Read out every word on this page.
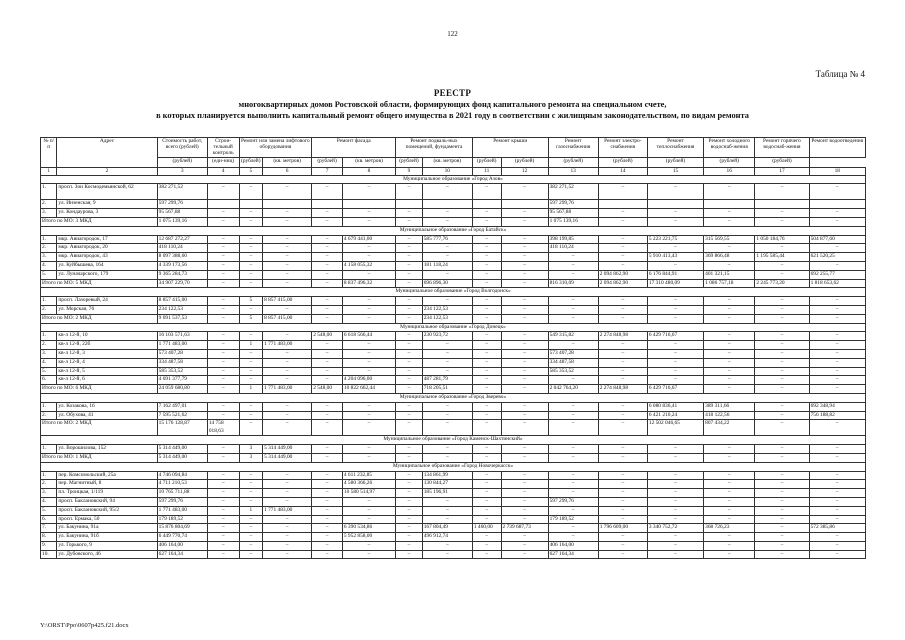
122
Таблица № 4
РЕЕСТР
многоквартирных домов Ростовской области, формирующих фонд капитального ремонта на специальном счете,
в которых планируется выполнить капитальный ремонт общего имущества в 2021 году в соответствии с жилищным законодательством, по видам ремонта
№ п/п	Адрес	Стоимость работ, всего (рублей)	Строи-тельный контроль	Ремонт или замена лифтового оборудования		Ремонт фасада		Ремонт подваль-ных помещений, фундамента		Ремонт крыши		Ремонт газоснабжения	Ремонт электро-снабжения	Ремонт теплоснабжения	Ремонт холодного водоснаб-жения	Ремонт горячего водоснаб-жения	Ремонт водоотведения
		(рублей)	(еди-ниц)	(рублей)	(кв. метров)	(рублей)	(кв. метров)	(рублей)	(кв. метров)	(рублей)	(рублей)	(рублей)	(рублей)	(рублей)	(рублей)	(рублей)	
1	2	3	4	5	6	7	8	9	10	11	12	13	14	15	16	17	18
Муниципальное образование «Город Азов»																	
1.	просп. Зои Космодемьянской, 62	382 271,52	–	–	–	–	–	–	–	–	–	382 271,52	–	–	–	–	–
2.	ул. Инзенская, 9	597 299,76										597 299,76					
3.	ул. Кондаурова, 3	95 567,88	–	–	–	–	–	–	–	–	–	95 567,88	–	–	–	–	–
Итого по МО: 3 МКД		1 075 139,16	–	–	–	–	–	–	–	–	–	1 075 139,16	–	–	–	–	–
Муниципальное образование «Город Батайск»																	
1.	мкр. Авиагородок, 17	12 687 272,27	–	–	–	–	4 679 441,00	–	585 777,76	–	–	398 199,85	–	5 223 221,75	315 569,55	1 050 184,76	504 877,60
2.	мкр. Авиагородок, 20	418 110,24	–	–	–	–	–	–	–	–	–	418 110,24	–	–	–	–	–
3.	мкр. Авиагородок, 43	8 097 388,60	–	–	–	–	–	–	–	–	–	–	–	5 910 413,43	369 866,48	1 195 585,44	621 520,25
4.	ул. Куйбышева, 164	4 339 173,56	–	–	–	–	4 158 055,32	–	181 118,24	–	–	–	–	–	–	–	–
5.	ул. Луначарского, 179	9 365 284,73	–	–	–	–	–	–	–	–	–	–	2 094 862,90	6 176 844,91	401 321,15	–	692 255,77
Итого по МО: 5 МКД		34 907 229,70	–	–	–	–	8 837 496,32	–	696 896,30	–	–	816 310,09	2 094 862,90	17 310 480,09	1 086 757,18	2 245 773,20	1 818 653,62
Муниципальное образование «Город Волгодонск»																	
1.	просп. Лазоревый, 24	8 857 415,00	–	5	8 857 415,00	–	–	–	–	–	–	–	–	–	–	–	–
2.	ул. Морская, 76	234 122,53	–	–	–	–	–	–	234 122,53	–	–	–	–	–	–	–	–
Итого по МО: 2 МКД		9 091 537,53	–	5	8 857 415,00	–	–	–	234 122,53	–	–	–	–	–	–	–	–
Муниципальное образование «Город Донецк»																	
1.	кв-л 12-й, 10	16 103 571,63	–	–	–	2 548,00	6 618 566,44	–	230 923,72	–	–	549 315,82	2 274 848,98	6 429 716,67	–	–	–
2.	кв-л 12-й, 22б	1 771 483,00	–	1	1 771 483,00	–	–	–	–	–	–	–	–	–	–	–	–
3.	кв-л 12-й, 3	573 407,28	–	–	–	–	–	–	–	–	–	573 407,28	–	–	–	–	–
4.	кв-л 12-й, 4	334 487,58	–	–	–	–	–	–	–	–	–	334 487,58	–	–	–	–	–
5.	кв-л 12-й, 5	585 353,52	–	–	–	–	–	–	–	–	–	585 353,52	–	–	–	–	–
6.	кв-л 12-й, 6	4 691 377,79	–	–	–	–	4 204 096,00	–	487 281,79	–	–	–	–	–	–	–	–
Итого по МО: 6 МКД		24 059 680,80	–	1	1 771 483,00	2 548,00	10 822 662,44	–	718 205,51	–	–	2 042 764,20	2 274 848,98	6 429 716,67	–	–	–
Муниципальное образование «Город Зверево»																	
1.	ул. Козакова, 16	7 162 497,01	–	–	–	–	–	–	–	–	–	–	–	6 080 836,41	389 311,66	–	692 348,94
2.	ул. Обухова, 41	7 595 521,62	–	–	–	–	–	–	–	–	–	–	–	6 421 210,24	418 122,56	–	756 188,82
Итого по МО: 2 МКД		15 176 128,87	14 758 018,63	–	–	–	–	–	–	–	–	–	–	12 502 046,65	807 434,22	–	–
Муниципальное образование «Город Каменск-Шахтинский»																	
1.	ул. Ворошилова, 152	5 314 449,00	–	3	5 314 449,00	–	–	–	–	–	–	–	–	–	–	–	–
Итого по МО: 1 МКД		5 314 449,00	–	3	5 314 449,00	–	–	–	–	–	–	–	–	–	–	–	–
Муниципальное образование «Город Новочеркасск»																	
1.	пер. Комсомольский, 25а	4 746 094,84	–	–	–	–	4 611 232,85	–	134 861,99	–	–	–	–	–	–	–	–
2.	пер. Магнитный, 8	4 711 210,53	–	–	–	–	4 580 366,26	–	130 844,27	–	–	–	–	–	–	–	–
3.	пл. Троицкая, 1/119	10 765 711,88	–	–	–	–	10 580 514,97	–	185 196,91	–	–	–	–	–	–	–	–
4.	просп. Баклановский, 94	597 299,76	–	–	–	–	–	–	–	–	–	597 299,76	–	–	–	–	–
5.	просп. Баклановский, 95/2	1 771 483,00	–	1	1 771 483,00	–	–	–	–	–	–	–	–	–	–	–	–
6.	просп. Ермака, 50	179 189,52	–	–	–	–	–	–	–	–	–	179 189,52	–	–	–	–	–
7.	ул. Бакунина, 91а	15 876 804,69	–	–	–	–	6 390 534,86	–	167 804,49	1 460,00	2 739 687,73	–	1 796 609,00	3 340 752,72	368 726,23	–	572 385,86
8.	ул. Бакунина, 91б	6 449 770,74	–	–	–	–	5 952 858,00	–	496 912,74	–	–	–	–	–	–	–	–
9.	ул. Горького, 9	406 164,00	–	–	–	–	–	–	–	–	–	406 164,00	–	–	–	–	–
10.	ул. Дубовского, 46	627 164,34	–	–	–	–	–	–	–	–	–	627 164,34	–	–	–	–	–
Y:\ORST\Ppo\0607p425.f21.docx
